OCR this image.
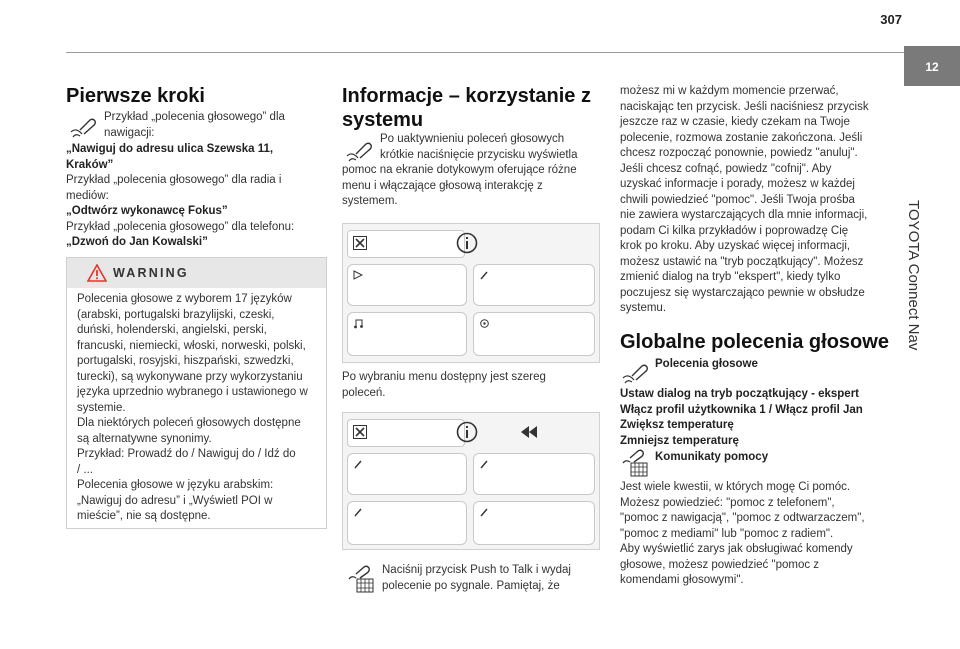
307
12
TOYOTA Connect Nav
Pierwsze kroki
Przykład „polecenia głosowego” dla
nawigacji:
„Nawiguj do adresu ulica Szewska 11,
Kraków”
Przykład „polecenia głosowego” dla radia i
mediów:
„Odtwórz wykonawcę Fokus”
Przykład „polecenia głosowego” dla telefonu:
„Dzwoń do Jan Kowalski”
WARNING
Polecenia głosowe z wyborem 17 języków
(arabski, portugalski brazylijski, czeski,
duński, holenderski, angielski, perski,
francuski, niemiecki, włoski, norweski, polski,
portugalski, rosyjski, hiszpański, szwedzki,
turecki), są wykonywane przy wykorzystaniu
języka uprzednio wybranego i ustawionego w
systemie.
Dla niektórych poleceń głosowych dostępne
są alternatywne synonimy.
Przykład: Prowadź do / Nawiguj do / Idź do
/ ...
Polecenia głosowe w języku arabskim:
„Nawiguj do adresu” i „Wyświetl POI w
mieście”, nie są dostępne.
Informacje – korzystanie z
systemu
Po uaktywnieniu poleceń głosowych
krótkie naciśnięcie przycisku wyświetla
pomoc na ekranie dotykowym oferujące różne
menu i włączające głosową interakcję z
systemem.
Po wybraniu menu dostępny jest szereg
poleceń.
Naciśnij przycisk Push to Talk i wydaj
polecenie po sygnale. Pamiętaj, że
możesz mi w każdym momencie przerwać,
naciskając ten przycisk. Jeśli naciśniesz przycisk
jeszcze raz w czasie, kiedy czekam na Twoje
polecenie, rozmowa zostanie zakończona. Jeśli
chcesz rozpocząć ponownie, powiedz "anuluj".
Jeśli chcesz cofnąć, powiedz "cofnij". Aby
uzyskać informacje i porady, możesz w każdej
chwili powiedzieć "pomoc". Jeśli Twoja prośba
nie zawiera wystarczających dla mnie informacji,
podam Ci kilka przykładów i poprowadzę Cię
krok po kroku. Aby uzyskać więcej informacji,
możesz ustawić na "tryb początkujący". Możesz
zmienić dialog na tryb "ekspert", kiedy tylko
poczujesz się wystarczająco pewnie w obsłudze
systemu.
Globalne polecenia głosowe
Polecenia głosowe
Ustaw dialog na tryb początkujący - ekspert
Włącz profil użytkownika 1 / Włącz profil Jan
Zwiększ temperaturę
Zmniejsz temperaturę
Komunikaty pomocy
Jest wiele kwestii, w których mogę Ci pomóc.
Możesz powiedzieć: "pomoc z telefonem",
"pomoc z nawigacją", "pomoc z odtwarzaczem",
"pomoc z mediami" lub "pomoc z radiem".
Aby wyświetlić zarys jak obsługiwać komendy
głosowe, możesz powiedzieć "pomoc z
komendami głosowymi".
